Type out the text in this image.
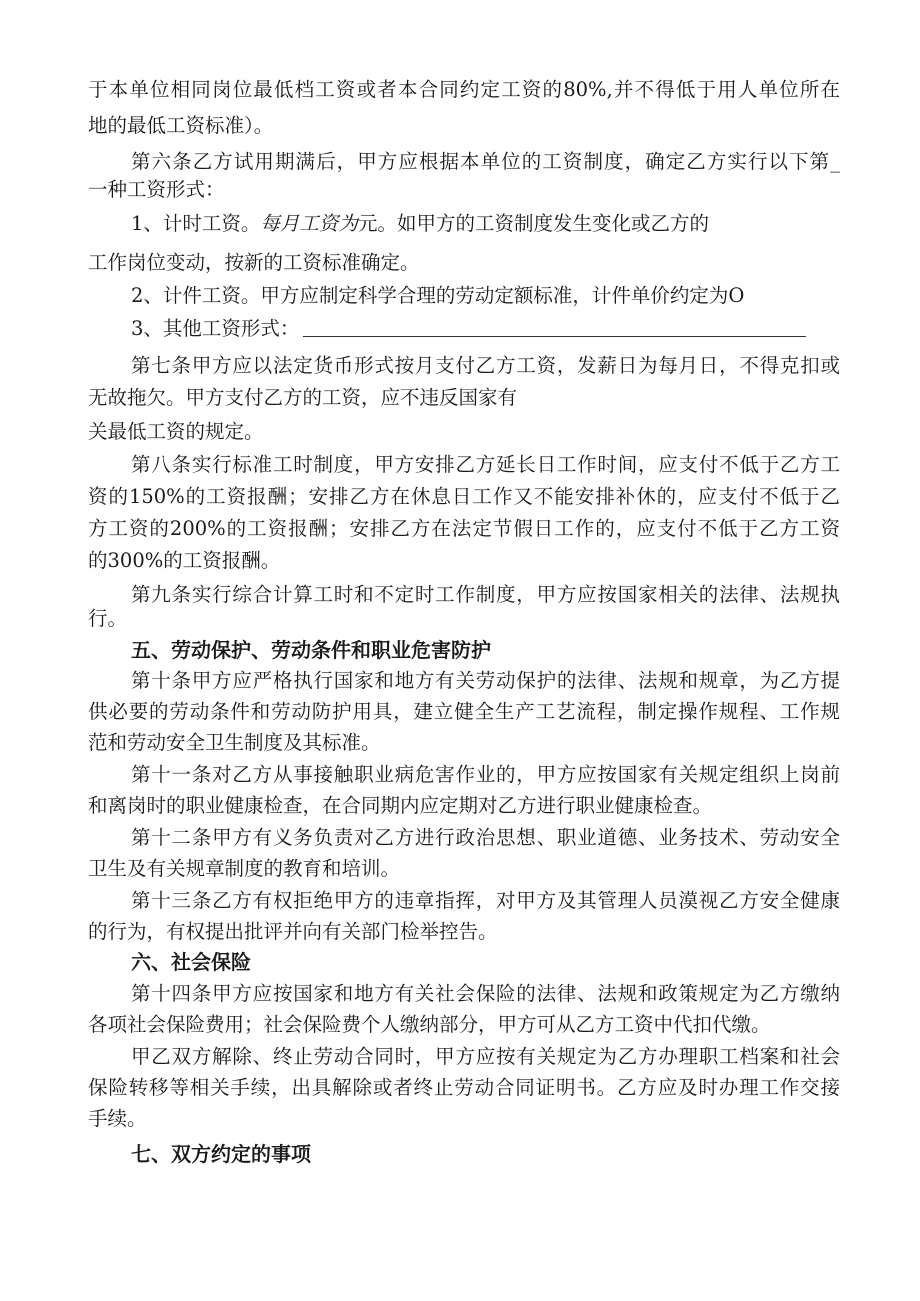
于本单位相同岗位最低档工资或者本合同约定工资的80%,并不得低于用人单位所在
地的最低工资标准）。
第六条乙方试用期满后，甲方应根据本单位的工资制度，确定乙方实行以下第_
一种工资形式：
1、计时工资。每月工资为元。如甲方的工资制度发生变化或乙方的
工作岗位变动，按新的工资标准确定。
2、计件工资。甲方应制定科学合理的劳动定额标准，计件单价约定为O
3、其他工资形式：
第七条甲方应以法定货币形式按月支付乙方工资，发薪日为每月日，不得克扣或
无故拖欠。甲方支付乙方的工资，应不违反国家有
关最低工资的规定。
第八条实行标准工时制度，甲方安排乙方延长日工作时间，应支付不低于乙方工
资的150%的工资报酬；安排乙方在休息日工作又不能安排补休的，应支付不低于乙
方工资的200%的工资报酬；安排乙方在法定节假日工作的，应支付不低于乙方工资
的300%的工资报酬。
第九条实行综合计算工时和不定时工作制度，甲方应按国家相关的法律、法规执
行。
五、劳动保护、劳动条件和职业危害防护
第十条甲方应严格执行国家和地方有关劳动保护的法律、法规和规章，为乙方提
供必要的劳动条件和劳动防护用具，建立健全生产工艺流程，制定操作规程、工作规
范和劳动安全卫生制度及其标准。
第十一条对乙方从事接触职业病危害作业的，甲方应按国家有关规定组织上岗前
和离岗时的职业健康检查，在合同期内应定期对乙方进行职业健康检查。
第十二条甲方有义务负责对乙方进行政治思想、职业道德、业务技术、劳动安全
卫生及有关规章制度的教育和培训。
第十三条乙方有权拒绝甲方的违章指挥，对甲方及其管理人员漠视乙方安全健康
的行为，有权提出批评并向有关部门检举控告。
六、社会保险
第十四条甲方应按国家和地方有关社会保险的法律、法规和政策规定为乙方缴纳
各项社会保险费用；社会保险费个人缴纳部分，甲方可从乙方工资中代扣代缴。
甲乙双方解除、终止劳动合同时，甲方应按有关规定为乙方办理职工档案和社会
保险转移等相关手续，出具解除或者终止劳动合同证明书。乙方应及时办理工作交接
手续。
七、双方约定的事项
